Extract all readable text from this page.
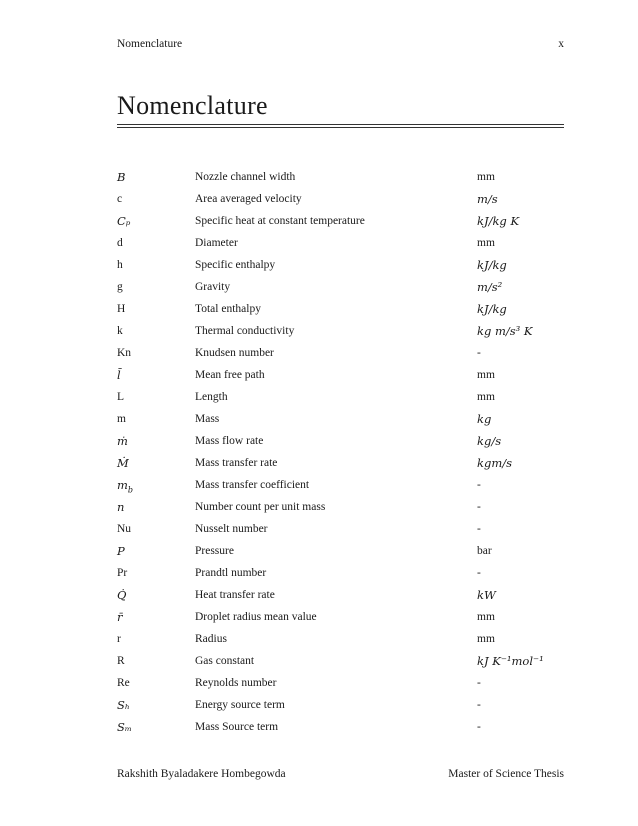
Nomenclature	x
Nomenclature
B	Nozzle channel width	mm
c	Area averaged velocity	m/s
Cₚ	Specific heat at constant temperature	kJ/kg K
d	Diameter	mm
h	Specific enthalpy	kJ/kg
g	Gravity	m/s²
H	Total enthalpy	kJ/kg
k	Thermal conductivity	kg m/s³ K
Kn	Knudsen number	-
l̄	Mean free path	mm
L	Length	mm
m	Mass	kg
ṁ	Mass flow rate	kg/s
Ṁ	Mass transfer rate	kgm/s
$m_b$	Mass transfer coefficient	-
n	Number count per unit mass	-
Nu	Nusselt number	-
P	Pressure	bar
Pr	Prandtl number	-
Q̇	Heat transfer rate	kW
r̄	Droplet radius mean value	mm
r	Radius	mm
R	Gas constant	kJ K⁻¹mol⁻¹
Re	Reynolds number	-
Sₕ	Energy source term	-
Sₘ	Mass Source term	-
Rakshith Byaladakere Hombegowda	Master of Science Thesis
